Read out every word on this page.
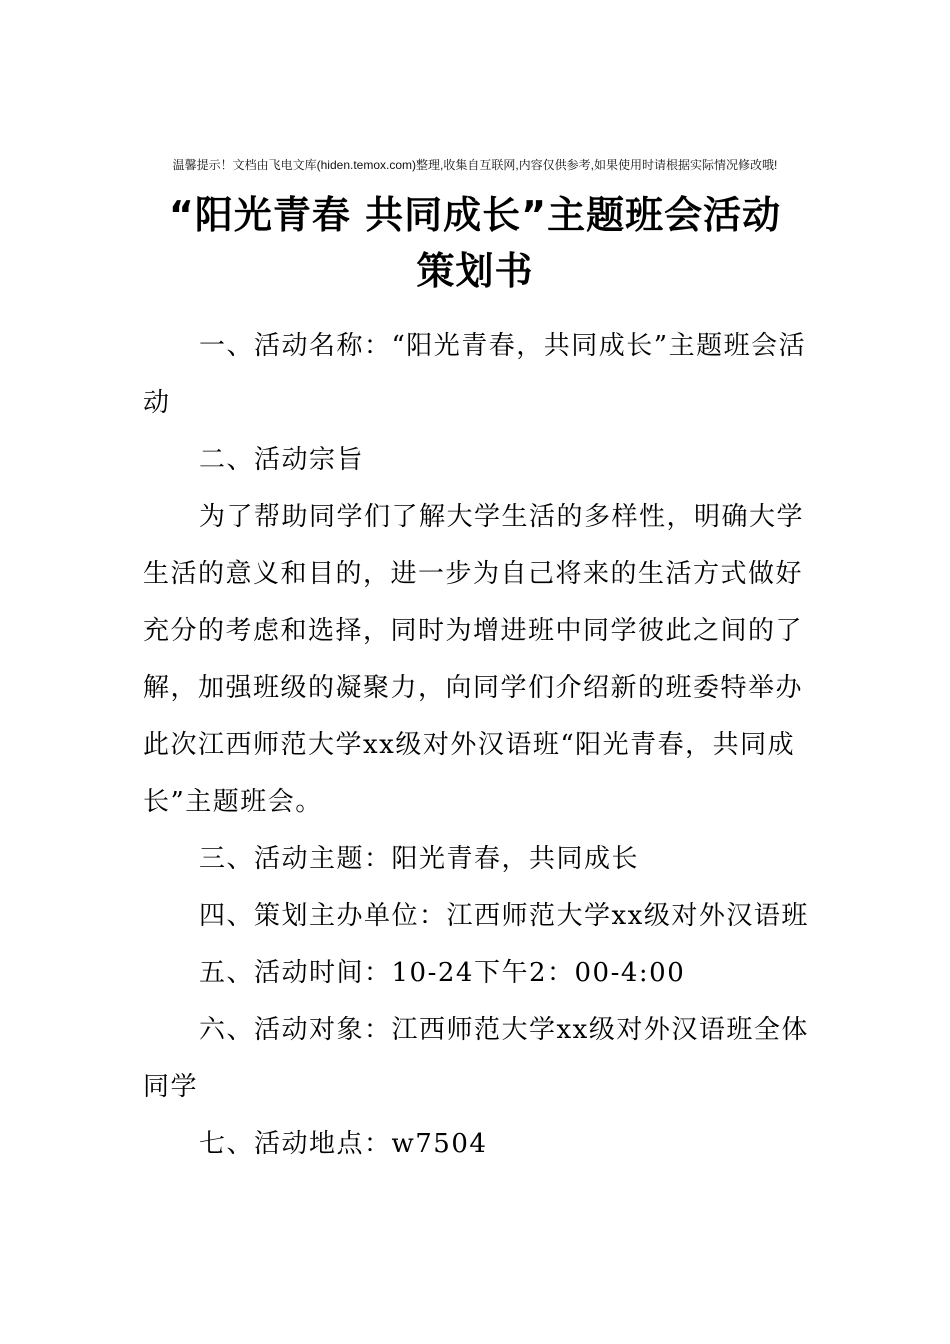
温馨提示！文档由飞电文库(hiden.temox.com)整理,收集自互联网,内容仅供参考,如果使用时请根据实际情况修改哦!
“阳光青春 共同成长”主题班会活动
策划书

一、活动名称：“阳光青春，共同成长”主题班会活动

二、活动宗旨

为了帮助同学们了解大学生活的多样性，明确大学生活的意义和目的，进一步为自己将来的生活方式做好充分的考虑和选择，同时为增进班中同学彼此之间的了解，加强班级的凝聚力，向同学们介绍新的班委特举办此次江西师范大学xx级对外汉语班“阳光青春，共同成长”主题班会。

三、活动主题：阳光青春，共同成长

四、策划主办单位：江西师范大学xx级对外汉语班

五、活动时间：10-24下午2：00-4:00

六、活动对象：江西师范大学xx级对外汉语班全体同学

七、活动地点：w7504
